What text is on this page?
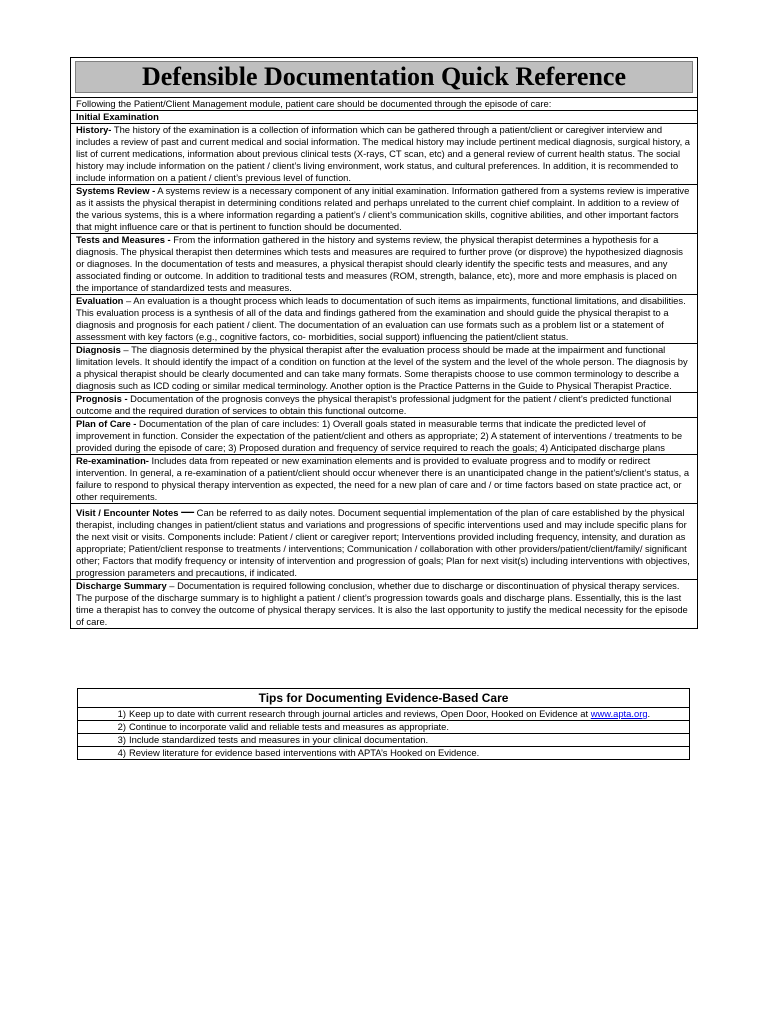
Defensible Documentation Quick Reference
Following the Patient/Client Management module, patient care should be documented through the episode of care:
Initial Examination
History- The history of the examination is a collection of information which can be gathered through a patient/client or caregiver interview and includes a review of past and current medical and social information. The medical history may include pertinent medical diagnosis, surgical history, a list of current medications, information about previous clinical tests (X-rays, CT scan, etc) and a general review of current health status. The social history may include information on the patient / client’s living environment, work status, and cultural preferences. In addition, it is recommended to include information on a patient / client’s previous level of function.
Systems Review - A systems review is a necessary component of any initial examination. Information gathered from a systems review is imperative as it assists the physical therapist in determining conditions related and perhaps unrelated to the current chief complaint. In addition to a review of the various systems, this is a where information regarding a patient’s / client’s communication skills, cognitive abilities, and other important factors that might influence care or that is pertinent to function should be documented.
Tests and Measures - From the information gathered in the history and systems review, the physical therapist determines a hypothesis for a diagnosis. The physical therapist then determines which tests and measures are required to further prove (or disprove) the hypothesized diagnosis or diagnoses. In the documentation of tests and measures, a physical therapist should clearly identify the specific tests and measures, and any associated finding or outcome. In addition to traditional tests and measures (ROM, strength, balance, etc), more and more emphasis is placed on the importance of standardized tests and measures.
Evaluation – An evaluation is a thought process which leads to documentation of such items as impairments, functional limitations, and disabilities. This evaluation process is a synthesis of all of the data and findings gathered from the examination and should guide the physical therapist to a diagnosis and prognosis for each patient / client. The documentation of an evaluation can use formats such as a problem list or a statement of assessment with key factors (e.g., cognitive factors, co- morbidities, social support) influencing the patient/client status.
Diagnosis – The diagnosis determined by the physical therapist after the evaluation process should be made at the impairment and functional limitation levels. It should identify the impact of a condition on function at the level of the system and the level of the whole person. The diagnosis by a physical therapist should be clearly documented and can take many formats. Some therapists choose to use common terminology to describe a diagnosis such as ICD coding or similar medical terminology. Another option is the Practice Patterns in the Guide to Physical Therapist Practice.
Prognosis - Documentation of the prognosis conveys the physical therapist’s professional judgment for the patient / client’s predicted functional outcome and the required duration of services to obtain this functional outcome.
Plan of Care - Documentation of the plan of care includes: 1) Overall goals stated in measurable terms that indicate the predicted level of improvement in function. Consider the expectation of the patient/client and others as appropriate; 2) A statement of interventions / treatments to be provided during the episode of care; 3) Proposed duration and frequency of service required to reach the goals; 4) Anticipated discharge plans
Re-examination- Includes data from repeated or new examination elements and is provided to evaluate progress and to modify or redirect intervention. In general, a re-examination of a patient/client should occur whenever there is an unanticipated change in the patient’s/client’s status, a failure to respond to physical therapy intervention as expected, the need for a new plan of care and / or time factors based on state practice act, or other requirements.
Visit / Encounter Notes — Can be referred to as daily notes. Document sequential implementation of the plan of care established by the physical therapist, including changes in patient/client status and variations and progressions of specific interventions used and may include specific plans for the next visit or visits. Components include: Patient / client or caregiver report; Interventions provided including frequency, intensity, and duration as appropriate; Patient/client response to treatments / interventions; Communication / collaboration with other providers/patient/client/family/ significant other; Factors that modify frequency or intensity of intervention and progression of goals; Plan for next visit(s) including interventions with objectives, progression parameters and precautions, if indicated.
Discharge Summary – Documentation is required following conclusion, whether due to discharge or discontinuation of physical therapy services. The purpose of the discharge summary is to highlight a patient / client’s progression towards goals and discharge plans. Essentially, this is the last time a therapist has to convey the outcome of physical therapy services. It is also the last opportunity to justify the medical necessity for the episode of care.
Tips for Documenting Evidence-Based Care
1) Keep up to date with current research through journal articles and reviews, Open Door, Hooked on Evidence at www.apta.org.
2) Continue to incorporate valid and reliable tests and measures as appropriate.
3) Include standardized tests and measures in your clinical documentation.
4) Review literature for evidence based interventions with APTA’s Hooked on Evidence.
